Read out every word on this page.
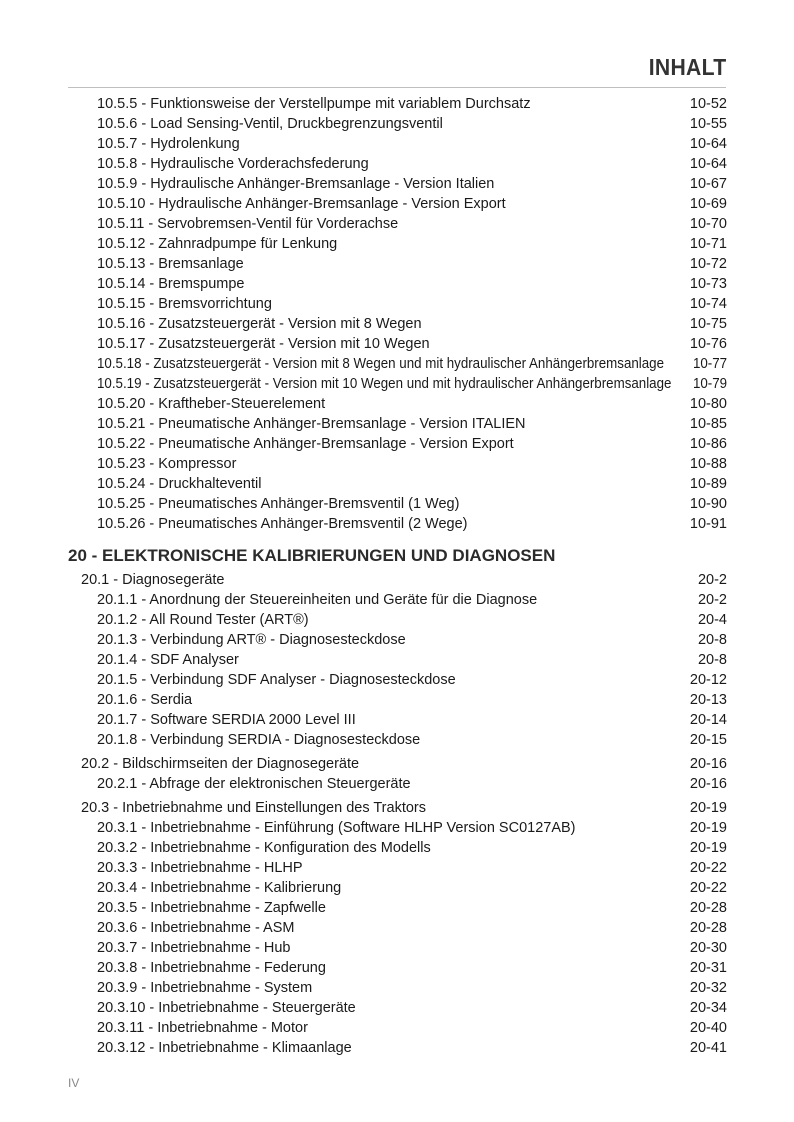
INHALT
10.5.5 - Funktionsweise der Verstellpumpe mit variablem Durchsatz	10-52
10.5.6 - Load Sensing-Ventil, Druckbegrenzungsventil	10-55
10.5.7 - Hydrolenkung	10-64
10.5.8 - Hydraulische Vorderachsfederung	10-64
10.5.9 - Hydraulische Anhänger-Bremsanlage - Version Italien	10-67
10.5.10 - Hydraulische Anhänger-Bremsanlage - Version Export	10-69
10.5.11 - Servobremsen-Ventil für Vorderachse	10-70
10.5.12 - Zahnradpumpe für Lenkung	10-71
10.5.13 - Bremsanlage	10-72
10.5.14 - Bremspumpe	10-73
10.5.15 - Bremsvorrichtung	10-74
10.5.16 - Zusatzsteuergerät - Version mit 8 Wegen	10-75
10.5.17 - Zusatzsteuergerät - Version mit 10 Wegen	10-76
10.5.18 - Zusatzsteuergerät - Version mit 8 Wegen und mit hydraulischer Anhängerbremsanlage 10-77
10.5.19 - Zusatzsteuergerät - Version mit 10 Wegen und mit hydraulischer Anhängerbremsanlage 10-79
10.5.20 - Kraftheber-Steuerelement	10-80
10.5.21 - Pneumatische Anhänger-Bremsanlage - Version ITALIEN	10-85
10.5.22 - Pneumatische Anhänger-Bremsanlage - Version Export	10-86
10.5.23 - Kompressor	10-88
10.5.24 - Druckhalteventil	10-89
10.5.25 - Pneumatisches Anhänger-Bremsventil (1 Weg)	10-90
10.5.26 - Pneumatisches Anhänger-Bremsventil (2 Wege)	10-91
20 - ELEKTRONISCHE KALIBRIERUNGEN UND DIAGNOSEN
20.1 - Diagnosegeräte	20-2
20.1.1 - Anordnung der Steuereinheiten und Geräte für die Diagnose	20-2
20.1.2 - All Round Tester (ART®)	20-4
20.1.3 - Verbindung ART® - Diagnosesteckdose	20-8
20.1.4 - SDF Analyser	20-8
20.1.5 - Verbindung SDF Analyser - Diagnosesteckdose	20-12
20.1.6 - Serdia	20-13
20.1.7 - Software SERDIA 2000 Level III	20-14
20.1.8 - Verbindung SERDIA - Diagnosesteckdose	20-15
20.2 - Bildschirmseiten der Diagnosegeräte	20-16
20.2.1 - Abfrage der elektronischen Steuergeräte	20-16
20.3 - Inbetriebnahme und Einstellungen des Traktors	20-19
20.3.1 - Inbetriebnahme - Einführung (Software HLHP Version SC0127AB)	20-19
20.3.2 - Inbetriebnahme - Konfiguration des Modells	20-19
20.3.3 - Inbetriebnahme - HLHP	20-22
20.3.4 - Inbetriebnahme - Kalibrierung	20-22
20.3.5 - Inbetriebnahme - Zapfwelle	20-28
20.3.6 - Inbetriebnahme - ASM	20-28
20.3.7 - Inbetriebnahme - Hub	20-30
20.3.8 - Inbetriebnahme - Federung	20-31
20.3.9 - Inbetriebnahme - System	20-32
20.3.10 - Inbetriebnahme - Steuergeräte	20-34
20.3.11 - Inbetriebnahme - Motor	20-40
20.3.12 - Inbetriebnahme - Klimaanlage	20-41
IV
